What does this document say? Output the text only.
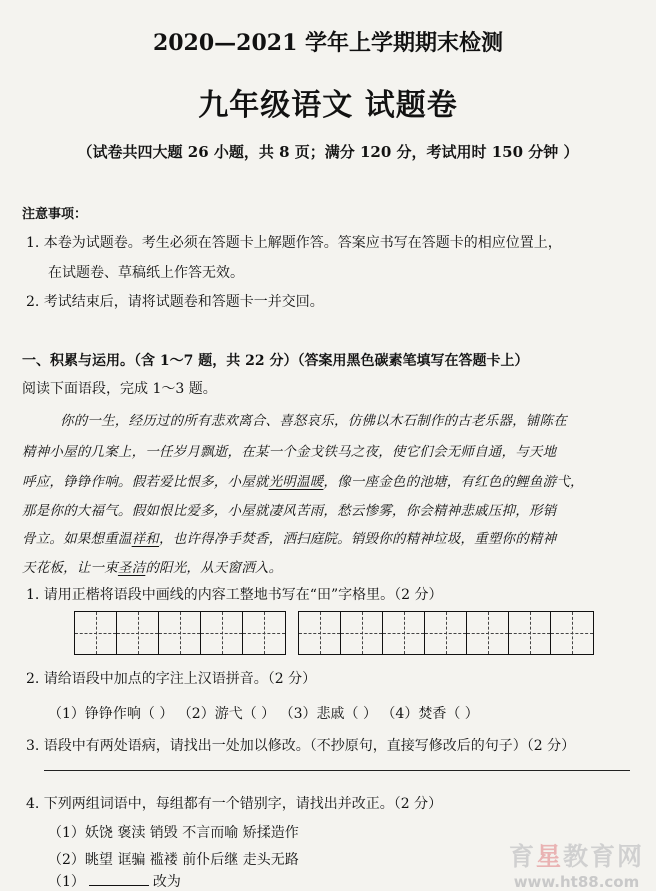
2020—2021 学年上学期期末检测
九年级语文 试题卷
（试卷共四大题 26 小题，共 8 页；满分 120 分，考试用时 150 分钟 ）
注意事项：
1. 本卷为试题卷。考生必须在答题卡上解题作答。答案应书写在答题卡的相应位置上，
在试题卷、草稿纸上作答无效。
2. 考试结束后，请将试题卷和答题卡一并交回。
一、积累与运用。（含 1～7 题，共 22 分）（答案用黑色碳素笔填写在答题卡上）
阅读下面语段，完成 1～3 题。
你的一生，经历过的所有悲欢离合、喜怒哀乐，仿佛以木石制作的古老乐器，铺陈在
精神小屋的几案上，一任岁月飘逝，在某一个金戈铁马之夜，使它们会无师自通，与天地
呼应，铮铮作响。假若爱比恨多，小屋就光明温暖，像一座金色的池塘，有红色的鲤鱼游弋，
那是你的大福气。假如恨比爱多，小屋就凄风苦雨，愁云惨雾，你会精神悲戚压抑，形销
骨立。如果想重温祥和，也许得净手焚香，洒扫庭院。销毁你的精神垃圾，重塑你的精神
天花板，让一束圣洁的阳光，从天窗洒入。
1. 请用正楷将语段中画线的内容工整地书写在“田”字格里。（2 分）
2. 请给语段中加点的字注上汉语拼音。（2 分）
（1）铮铮作响（ ） （2）游弋（ ） （3）悲戚（ ） （4）焚香（ ）
3. 语段中有两处语病，请找出一处加以修改。（不抄原句，直接写修改后的句子）（2 分）
4. 下列两组词语中，每组都有一个错别字，请找出并改正。（2 分）
（1）妖饶 褒渎 销毁 不言而喻 矫揉造作
（2）眺望 诓骗 褴褛 前仆后继 走头无路
（1）	改为
育星教育网
www.ht88.com
